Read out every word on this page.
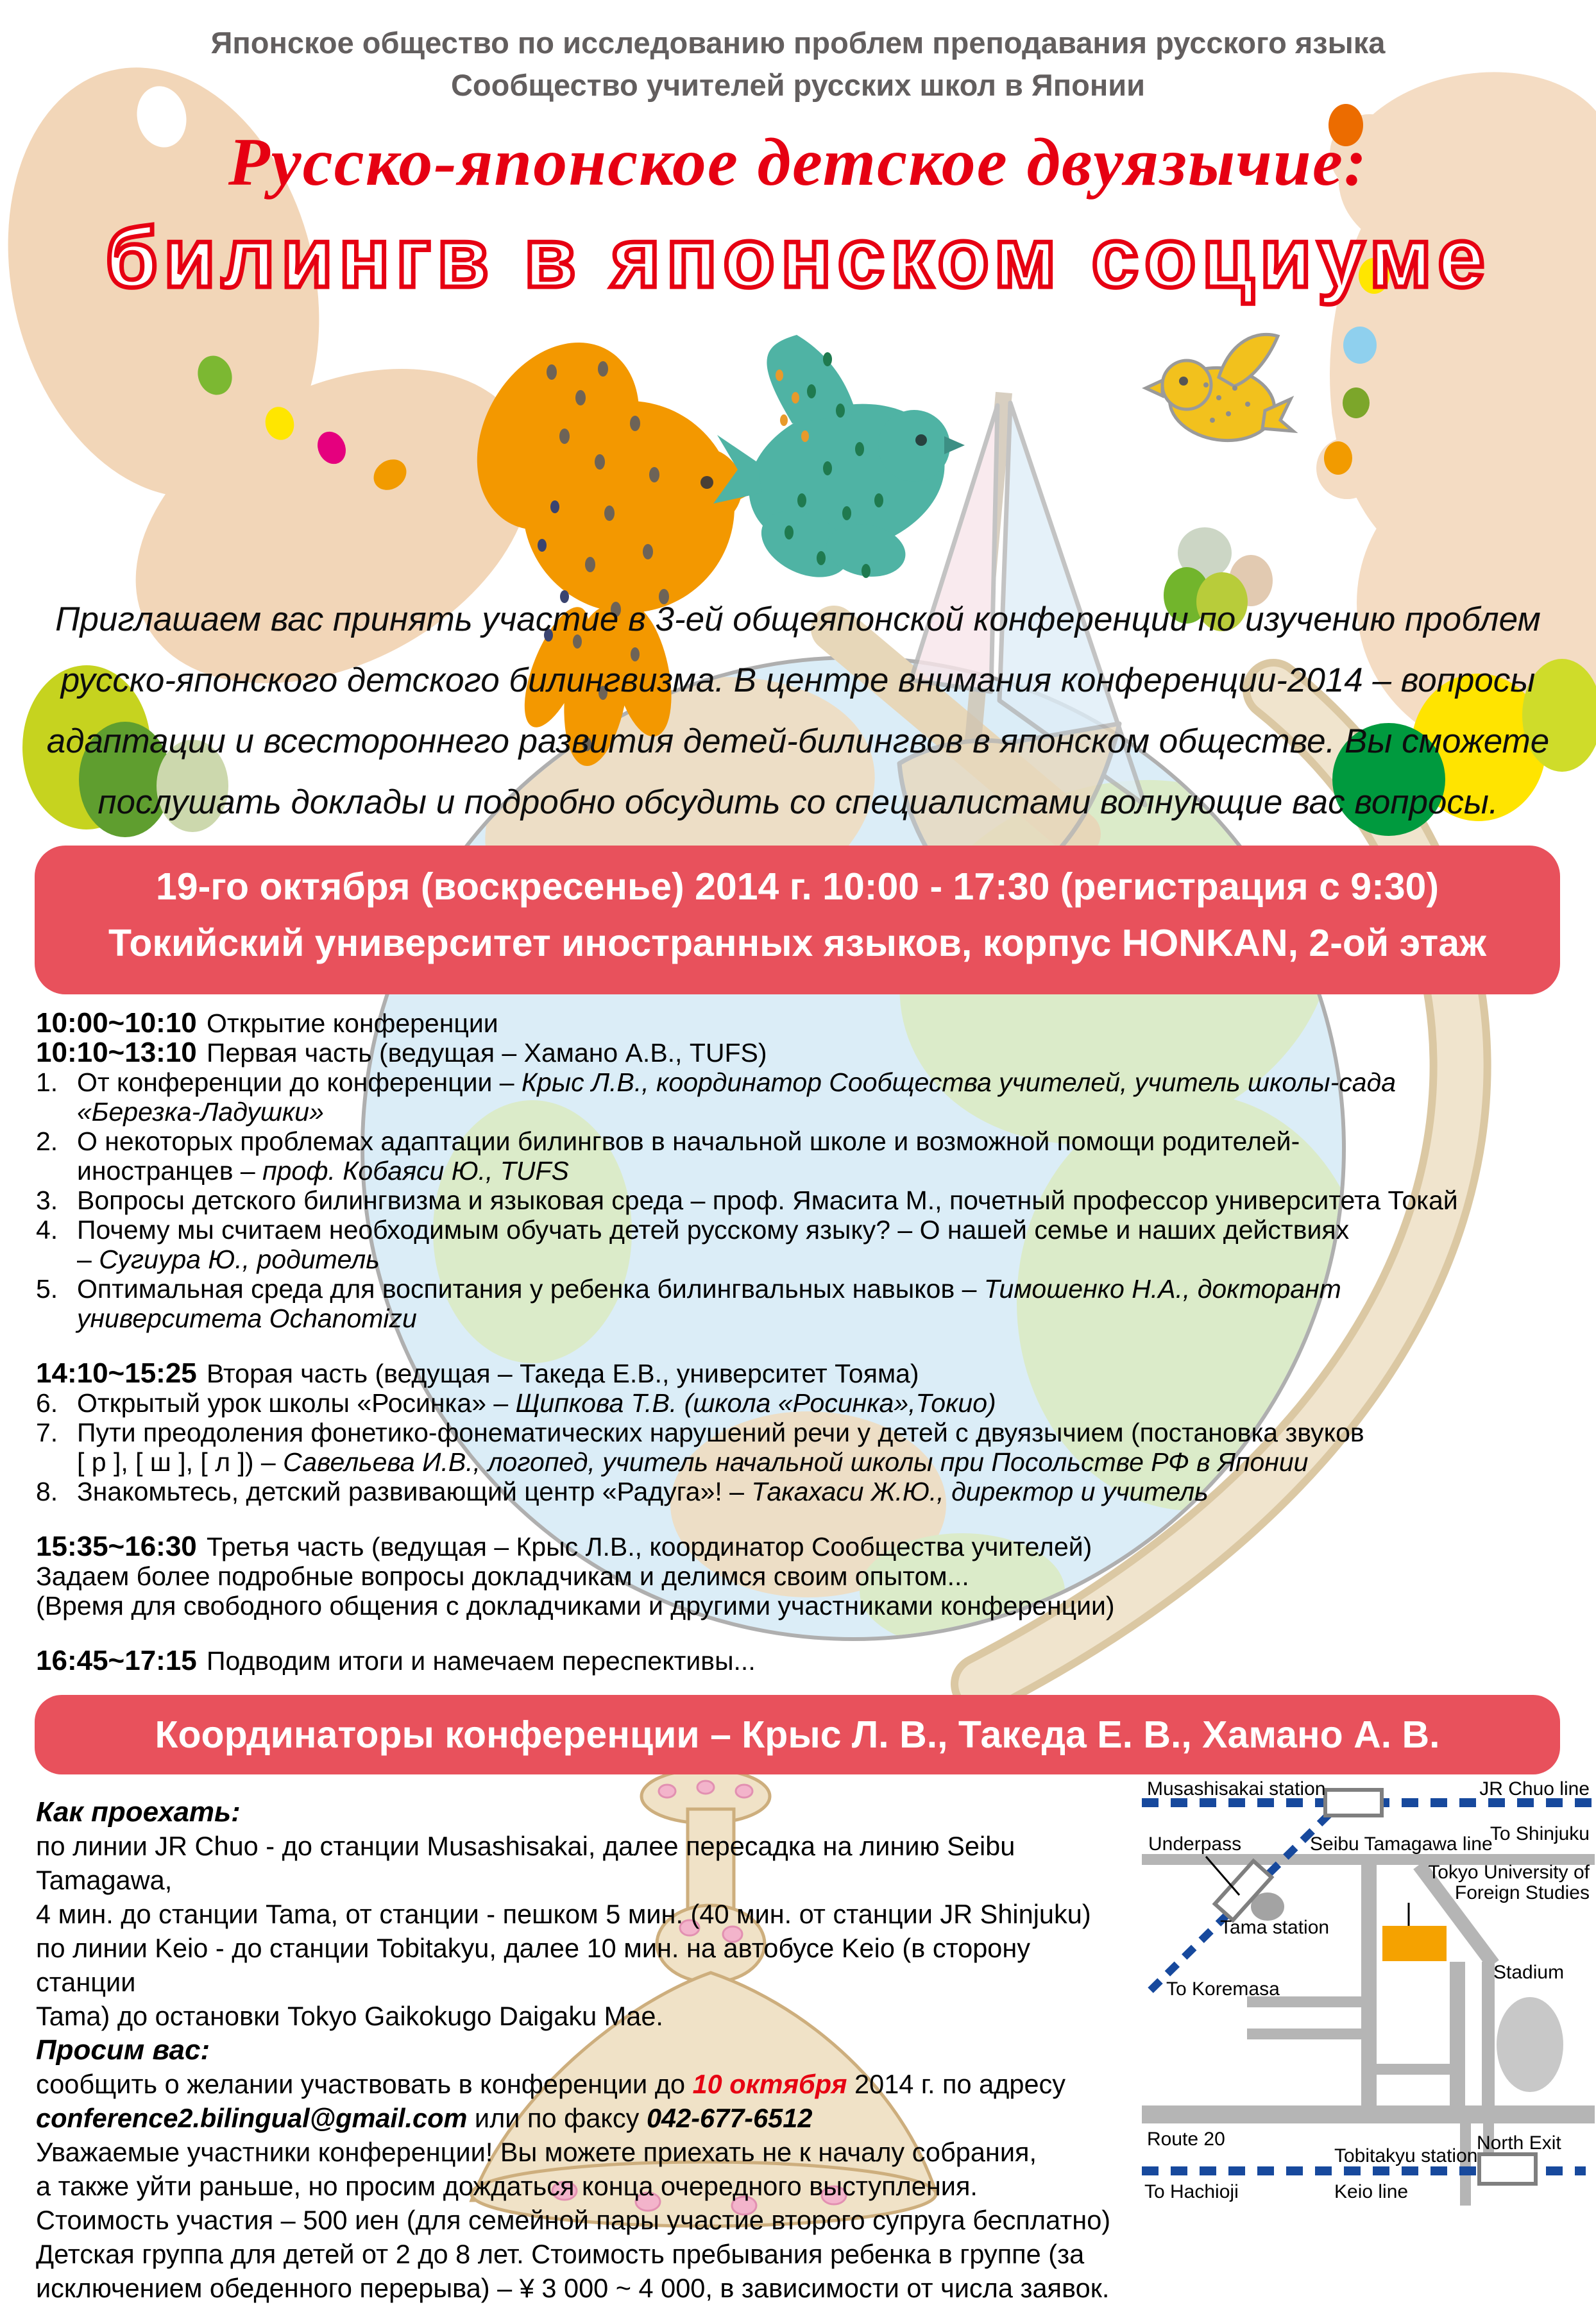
Японское общество по исследованию проблем преподавания русского языка
Сообщество учителей русских школ в Японии
Русско-японское детское двуязычие:
билингв в японском социуме
Приглашаем вас принять участие в 3-ей общеяпонской конференции по изучению проблем
русско-японского детского билингвизма. В центре внимания конференции-2014 – вопросы
адаптации и всестороннего развития детей-билингвов в японском обществе. Вы сможете
послушать доклады и подробно обсудить со специалистами волнующие вас вопросы.
19-го октября (воскресенье) 2014 г. 10:00 - 17:30 (регистрация с 9:30)
Токийский университет иностранных языков, корпус HONKAN, 2-ой этаж
10:00~10:10 Открытие конференции
10:10~13:10 Первая часть (ведущая – Хамано А.В., TUFS)
1. От конференции до конференции – Крыс Л.В., координатор Сообщества учителей, учитель школы-сада
«Березка-Ладушки»
2. О некоторых проблемах адаптации билингвов в начальной школе и возможной помощи родителей-
иностранцев – проф. Кобаяси Ю., TUFS
3. Вопросы детского билингвизма и языковая среда – проф. Ямасита М., почетный профессор университета Токай
4. Почему мы считаем необходимым обучать детей русскому языку? – О нашей семье и наших действиях
– Сугиура Ю., родитель
5. Оптимальная среда для воспитания у ребенка билингвальных навыков – Тимошенко Н.А., докторант
университета Ochanomizu
14:10~15:25 Вторая часть (ведущая – Такеда Е.В., университет Тояма)
6. Открытый урок школы «Росинка» – Щипкова Т.В. (школа «Росинка»,Токио)
7. Пути преодоления фонетико-фонематических нарушений речи у детей с двуязычием (постановка звуков
[ р ], [ ш ], [ л ]) – Савельева И.В., логопед, учитель начальной школы при Посольстве РФ в Японии
8. Знакомьтесь, детский развивающий центр «Радуга»! – Такахаси Ж.Ю., директор и учитель
15:35~16:30 Третья часть (ведущая – Крыс Л.В., координатор Сообщества учителей)
Задаем более подробные вопросы докладчикам и делимся своим опытом...
(Время для свободного общения с докладчиками и другими участниками конференции)
16:45~17:15 Подводим итоги и намечаем переспективы...
Координаторы конференции – Крыс Л. В., Такеда Е. В., Хамано А. В.
Как проехать:
по линии JR Chuo - до станции Musashisakai, далее пересадка на линию Seibu Tamagawa,
4 мин. до станции Tama, от станции - пешком 5 мин. (40 мин. от станции JR Shinjuku)
по линии Keio - до станции Tobitakyu, далее 10 мин. на автобусе Keio (в сторону станции
Tama) до остановки Tokyo Gaikokugo Daigaku Mae.
Просим вас:
сообщить о желании участвовать в конференции до 10 октября 2014 г. по адресу
conference2.bilingual@gmail.com или по факсу 042-677-6512
Уважаемые участники конференции! Вы можете приехать не к началу собрания,
а также уйти раньше, но просим дождаться конца очередного выступления.
Стоимость участия – 500 иен (для семейной пары участие второго супруга бесплатно)
Детская группа для детей от 2 до 8 лет. Стоимость пребывания ребенка в группе (за
исключением обеденного перерыва) – ¥ 3 000 ~ 4 000, в зависимости от числа заявок.
Musashisakai station	JR Chuo line
To Shinjuku
Underpass	Seibu Tamagawa line
Tama station
Tokyo University of
Foreign Studies
To Koremasa
Stadium
Route 20	North Exit
Tobitakyu station
To Hachioji	Keio line
